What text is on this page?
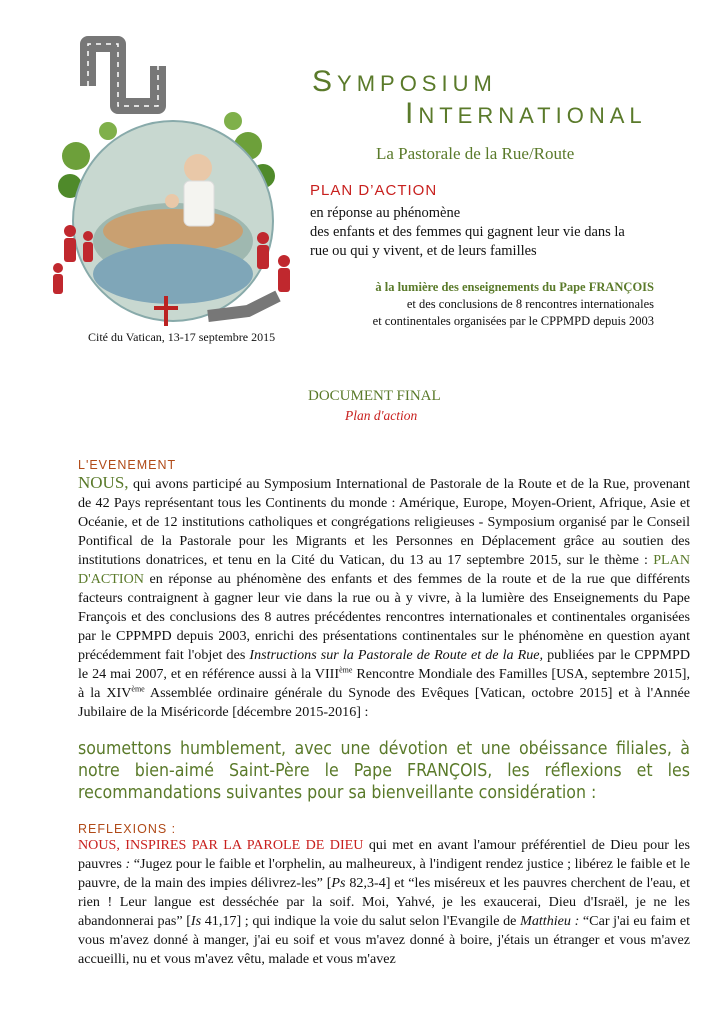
SYMPOSIUM
INTERNATIONAL
La Pastorale de la Rue/Route
PLAN D’ACTION
en réponse au phénomène
des enfants et des femmes qui gagnent leur vie dans la
rue ou qui y vivent, et de leurs familles
à la lumière des enseignements du Pape FRANÇOIS
et des conclusions de 8 rencontres internationales
et continentales organisées par le CPPMPD depuis 2003
Cité du Vatican, 13-17 septembre 2015
DOCUMENT FINAL
Plan d'action
L'EVENEMENT
NOUS, qui avons participé au Symposium International de Pastorale de la Route et de la Rue, provenant de 42 Pays représentant tous les Continents du monde : Amérique, Europe, Moyen-Orient, Afrique, Asie et Océanie, et de 12 institutions catholiques et congrégations religieuses - Symposium organisé par le Conseil Pontifical de la Pastorale pour les Migrants et les Personnes en Déplacement grâce au soutien des institutions donatrices, et tenu en la Cité du Vatican, du 13 au 17 septembre 2015, sur le thème : PLAN D'ACTION en réponse au phénomène des enfants et des femmes de la route et de la rue que différents facteurs contraignent à gagner leur vie dans la rue ou à y vivre, à la lumière des Enseignements du Pape François et des conclusions des 8 autres précédentes rencontres internationales et continentales organisées par le CPPMPD depuis 2003, enrichi des présentations continentales sur le phénomène en question ayant précédemment fait l'objet des Instructions sur la Pastorale de Route et de la Rue, publiées par le CPPMPD le 24 mai 2007, et en référence aussi à la VIIIème Rencontre Mondiale des Familles [USA, septembre 2015], à la XIVème Assemblée ordinaire générale du Synode des Evêques [Vatican, octobre 2015] et à l'Année Jubilaire de la Miséricorde [décembre 2015-2016] :
soumettons humblement, avec une dévotion et une obéissance filiales, à notre bien-aimé Saint-Père le Pape FRANÇOIS, les réflexions et les recommandations suivantes pour sa bienveillante considération :
REFLEXIONS :
NOUS, INSPIRES PAR LA PAROLE DE DIEU qui met en avant l'amour préférentiel de Dieu pour les pauvres : “Jugez pour le faible et l'orphelin, au malheureux, à l'indigent rendez justice ; libérez le faible et le pauvre, de la main des impies délivrez-les” [Ps 82,3-4] et “les miséreux et les pauvres cherchent de l'eau, et rien ! Leur langue est desséchée par la soif. Moi, Yahvé, je les exaucerai, Dieu d'Israël, je ne les abandonnerai pas” [Is 41,17] ; qui indique la voie du salut selon l'Evangile de Matthieu : “Car j'ai eu faim et vous m'avez donné à manger, j'ai eu soif et vous m'avez donné à boire, j'étais un étranger et vous m'avez accueilli, nu et vous m'avez vêtu, malade et vous m'avez
